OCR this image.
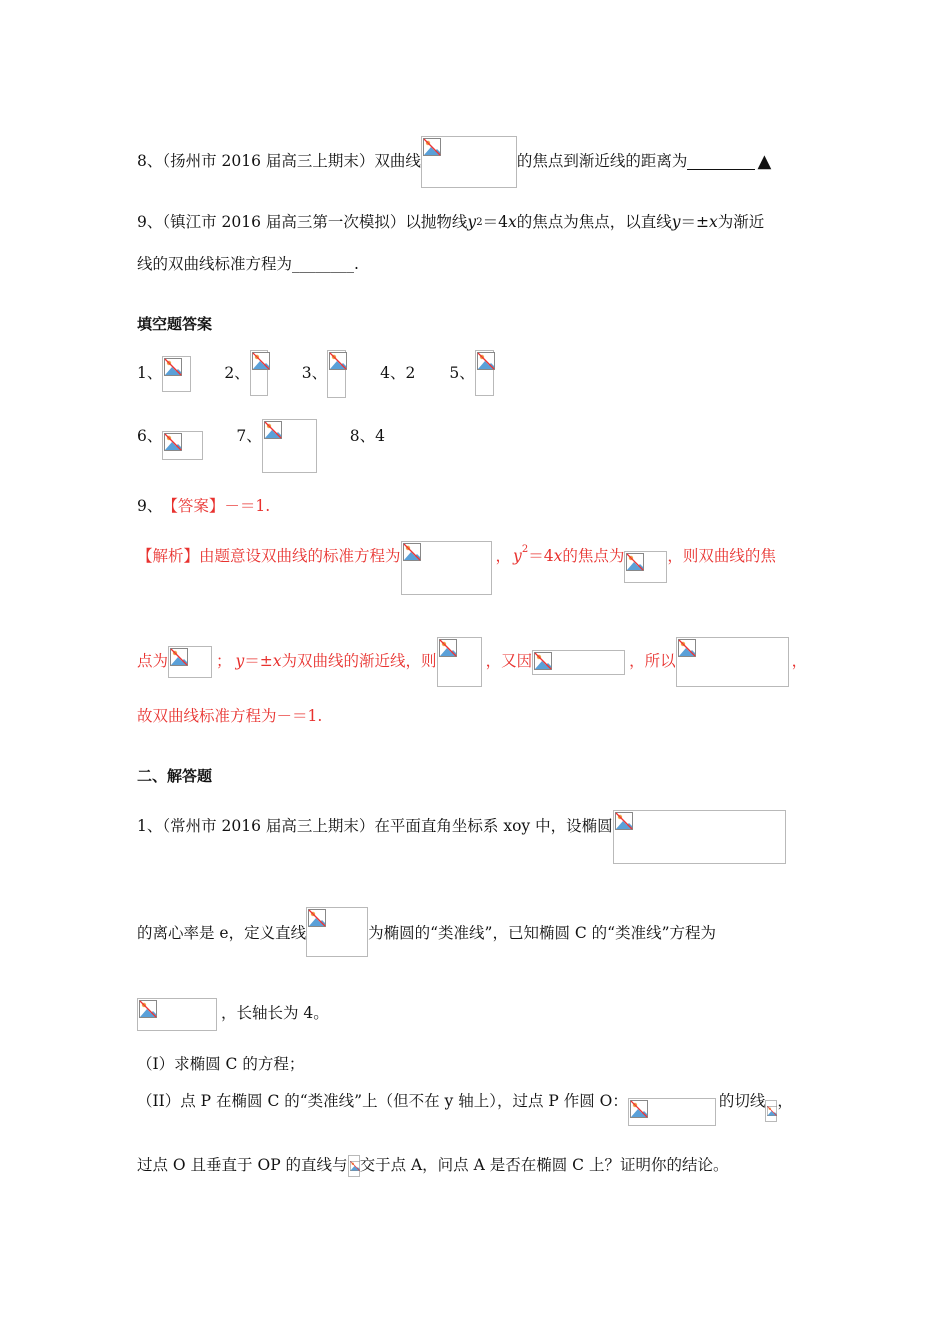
8、（扬州市 2016 届高三上期末）双曲线	的焦点到渐近线的距离为	▲
9、（镇江市 2016 届高三第一次模拟）以抛物线 y 2 ＝4 x 的焦点为焦点，以直线 y ＝± x 为渐近
线的双曲线标准方程为________.
填空题答案
1、	2、	3、	4、2 5、
6、	7、	8、4
9、 【答案】－＝1.
【解析】 由题意设双曲线的标准方程为	， $y^2 =4$ x 的焦点为	，则双曲线的焦
点为	； y ＝± x 为双曲线的渐近线，则	，又因	，所以	，
故双曲线标准方程为－＝1.
二、解答题
1、（常州市 2016 届高三上期末）在平面直角坐标系 xoy 中，设椭圆
的离心率是 e，定义直线	为椭圆的“类准线”，已知椭圆 C 的“类准线”方程为
，长轴长为 4。
（I）求椭圆 C 的方程；
（II）点 P 在椭圆 C 的“类准线”上（但不在 y 轴上），过点 P 作圆 O：	的切线 ，
过点 O 且垂直于 OP 的直线与 交于点 A，问点 A 是否在椭圆 C 上？证明你的结论。
